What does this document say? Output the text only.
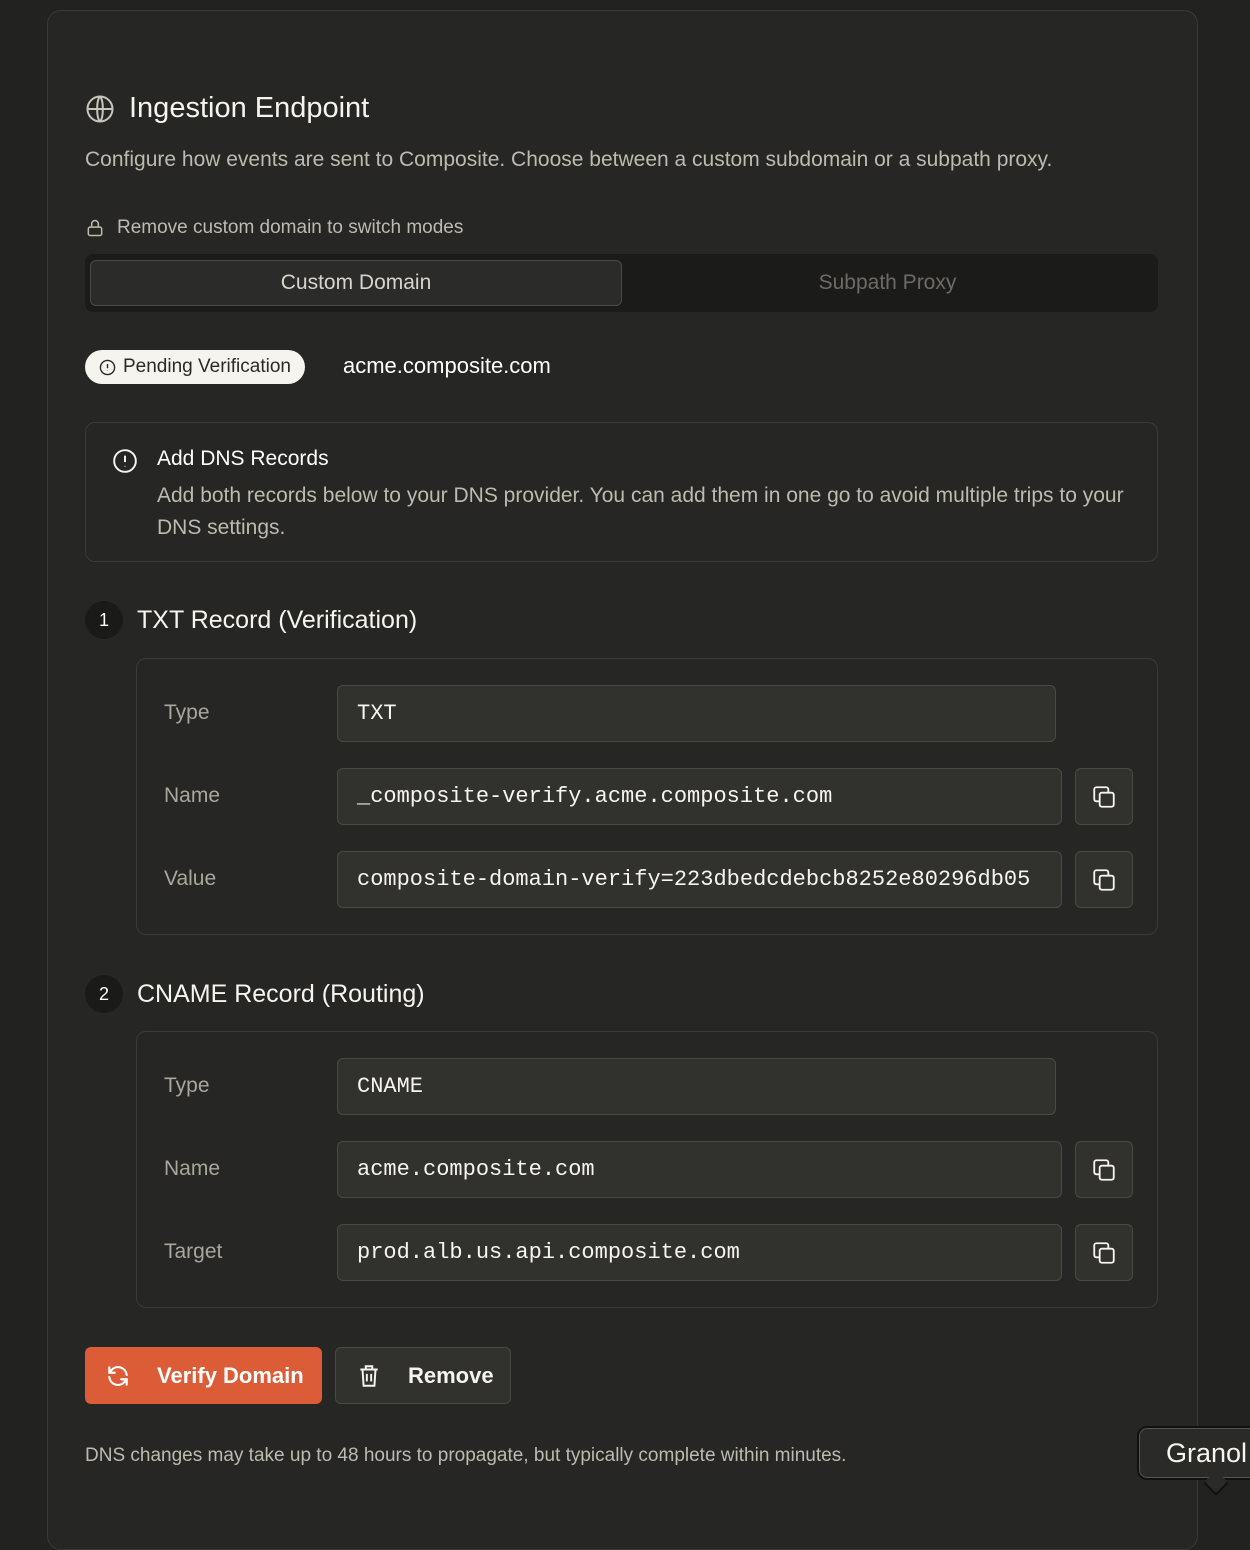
Ingestion Endpoint
Configure how events are sent to Composite. Choose between a custom subdomain or a subpath proxy.
Remove custom domain to switch modes
Custom Domain	Subpath Proxy
Pending Verification acme.composite.com
Add DNS Records

Add both records below to your DNS provider. You can add them in one go to avoid multiple trips to your DNS settings.

1	TXT Record (Verification)
Type	TXT
Name	_composite-verify.acme.composite.com
Value	composite-domain-verify=223dbedcdebcb8252e80296db05
2	CNAME Record (Routing)
Type	CNAME
Name	acme.composite.com
Target	prod.alb.us.api.composite.com
Verify Domain	Remove
DNS changes may take up to 48 hours to propagate, but typically complete within minutes.	Granol
